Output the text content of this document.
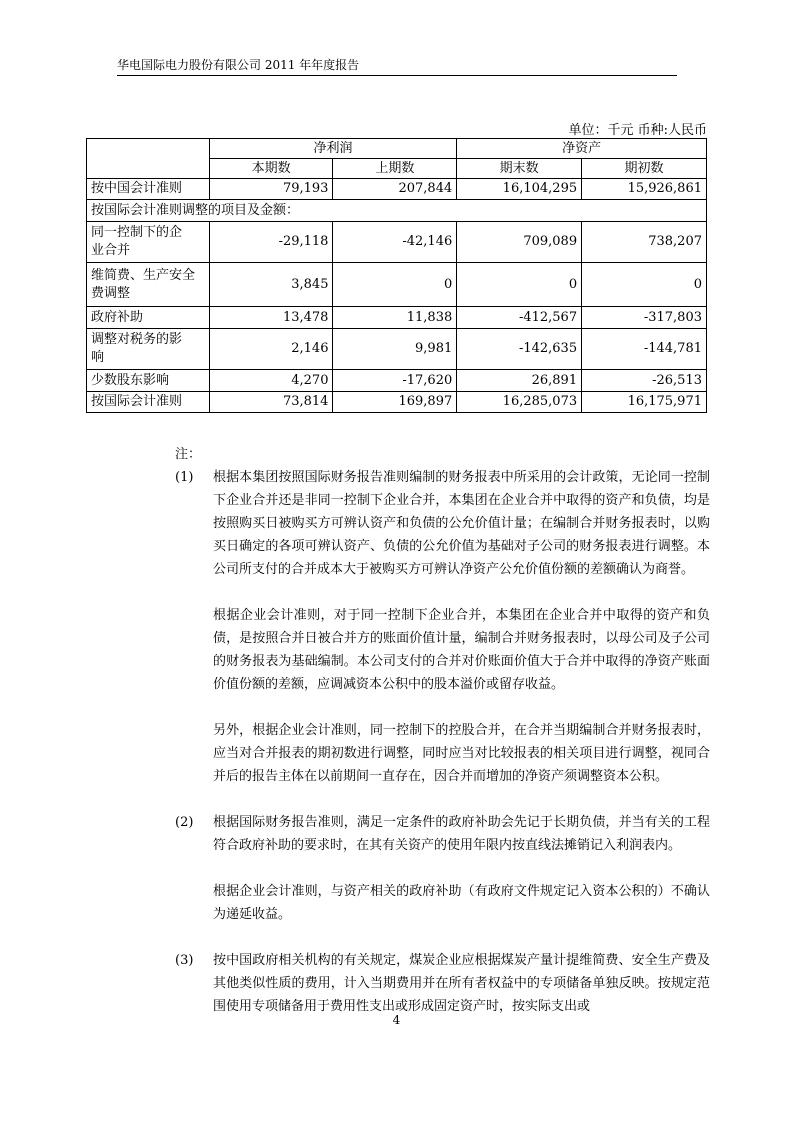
华电国际电力股份有限公司 2011 年年度报告
单位：千元 币种:人民币
	净利润		净资产	
	本期数	上期数	期末数	期初数
按中国会计准则	79,193	207,844	16,104,295	15,926,861
按国际会计准则调整的项目及金额：				
同一控制下的企
业合并	-29,118	-42,146	709,089	738,207
维简费、生产安全
费调整	3,845	0	0	0
政府补助	13,478	11,838	-412,567	-317,803
调整对税务的影
响	2,146	9,981	-142,635	-144,781
少数股东影响	4,270	-17,620	26,891	-26,513
按国际会计准则	73,814	169,897	16,285,073	16,175,971
注：
(1)	根据本集团按照国际财务报告准则编制的财务报表中所采用的会计政策，无论同一控制下企业合并还是非同一控制下企业合并，本集团在企业合并中取得的资产和负债，均是按照购买日被购买方可辨认资产和负债的公允价值计量；在编制合并财务报表时，以购买日确定的各项可辨认资产、负债的公允价值为基础对子公司的财务报表进行调整。本公司所支付的合并成本大于被购买方可辨认净资产公允价值份额的差额确认为商誉。

根据企业会计准则，对于同一控制下企业合并，本集团在企业合并中取得的资产和负债，是按照合并日被合并方的账面价值计量，编制合并财务报表时，以母公司及子公司的财务报表为基础编制。本公司支付的合并对价账面价值大于合并中取得的净资产账面价值份额的差额，应调减资本公积中的股本溢价或留存收益。

另外，根据企业会计准则，同一控制下的控股合并，在合并当期编制合并财务报表时，应当对合并报表的期初数进行调整，同时应当对比较报表的相关项目进行调整，视同合并后的报告主体在以前期间一直存在，因合并而增加的净资产须调整资本公积。

(2)	根据国际财务报告准则，满足一定条件的政府补助会先记于长期负债，并当有关的工程符合政府补助的要求时，在其有关资产的使用年限内按直线法摊销记入利润表内。

根据企业会计准则，与资产相关的政府补助（有政府文件规定记入资本公积的）不确认为递延收益。

(3)	按中国政府相关机构的有关规定，煤炭企业应根据煤炭产量计提维简费、安全生产费及其他类似性质的费用，计入当期费用并在所有者权益中的专项储备单独反映。按规定范围使用专项储备用于费用性支出或形成固定资产时，按实际支出或

4
